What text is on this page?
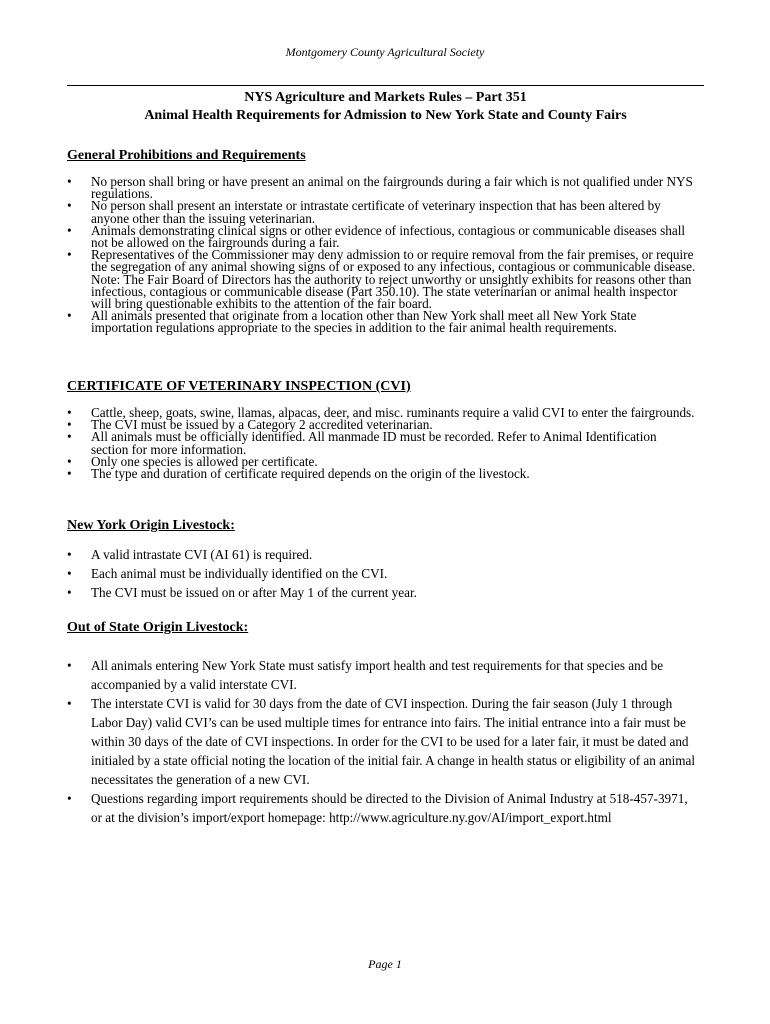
Montgomery County Agricultural Society
NYS Agriculture and Markets Rules – Part 351
Animal Health Requirements for Admission to New York State and County Fairs
General Prohibitions and Requirements
• No person shall bring or have present an animal on the fairgrounds during a fair which is not qualified under NYS regulations.
• No person shall present an interstate or intrastate certificate of veterinary inspection that has been altered by anyone other than the issuing veterinarian.
• Animals demonstrating clinical signs or other evidence of infectious, contagious or communicable diseases shall not be allowed on the fairgrounds during a fair.
• Representatives of the Commissioner may deny admission to or require removal from the fair premises, or require the segregation of any animal showing signs of or exposed to any infectious, contagious or communicable disease. Note: The Fair Board of Directors has the authority to reject unworthy or unsightly exhibits for reasons other than infectious, contagious or communicable disease (Part 350.10). The state veterinarian or animal health inspector will bring questionable exhibits to the attention of the fair board.
• All animals presented that originate from a location other than New York shall meet all New York State importation regulations appropriate to the species in addition to the fair animal health requirements.
CERTIFICATE OF VETERINARY INSPECTION (CVI)
• Cattle, sheep, goats, swine, llamas, alpacas, deer, and misc. ruminants require a valid CVI to enter the fairgrounds.
• The CVI must be issued by a Category 2 accredited veterinarian.
• All animals must be officially identified. All manmade ID must be recorded. Refer to Animal Identification section for more information.
• Only one species is allowed per certificate.
• The type and duration of certificate required depends on the origin of the livestock.
New York Origin Livestock:
• A valid intrastate CVI (AI 61) is required.
• Each animal must be individually identified on the CVI.
• The CVI must be issued on or after May 1 of the current year.
Out of State Origin Livestock:
• All animals entering New York State must satisfy import health and test requirements for that species and be accompanied by a valid interstate CVI.
• The interstate CVI is valid for 30 days from the date of CVI inspection. During the fair season (July 1 through Labor Day) valid CVI’s can be used multiple times for entrance into fairs. The initial entrance into a fair must be within 30 days of the date of CVI inspections. In order for the CVI to be used for a later fair, it must be dated and initialed by a state official noting the location of the initial fair. A change in health status or eligibility of an animal necessitates the generation of a new CVI.
• Questions regarding import requirements should be directed to the Division of Animal Industry at 518-457-3971, or at the division’s import/export homepage: http://www.agriculture.ny.gov/AI/import_export.html
Page 1
